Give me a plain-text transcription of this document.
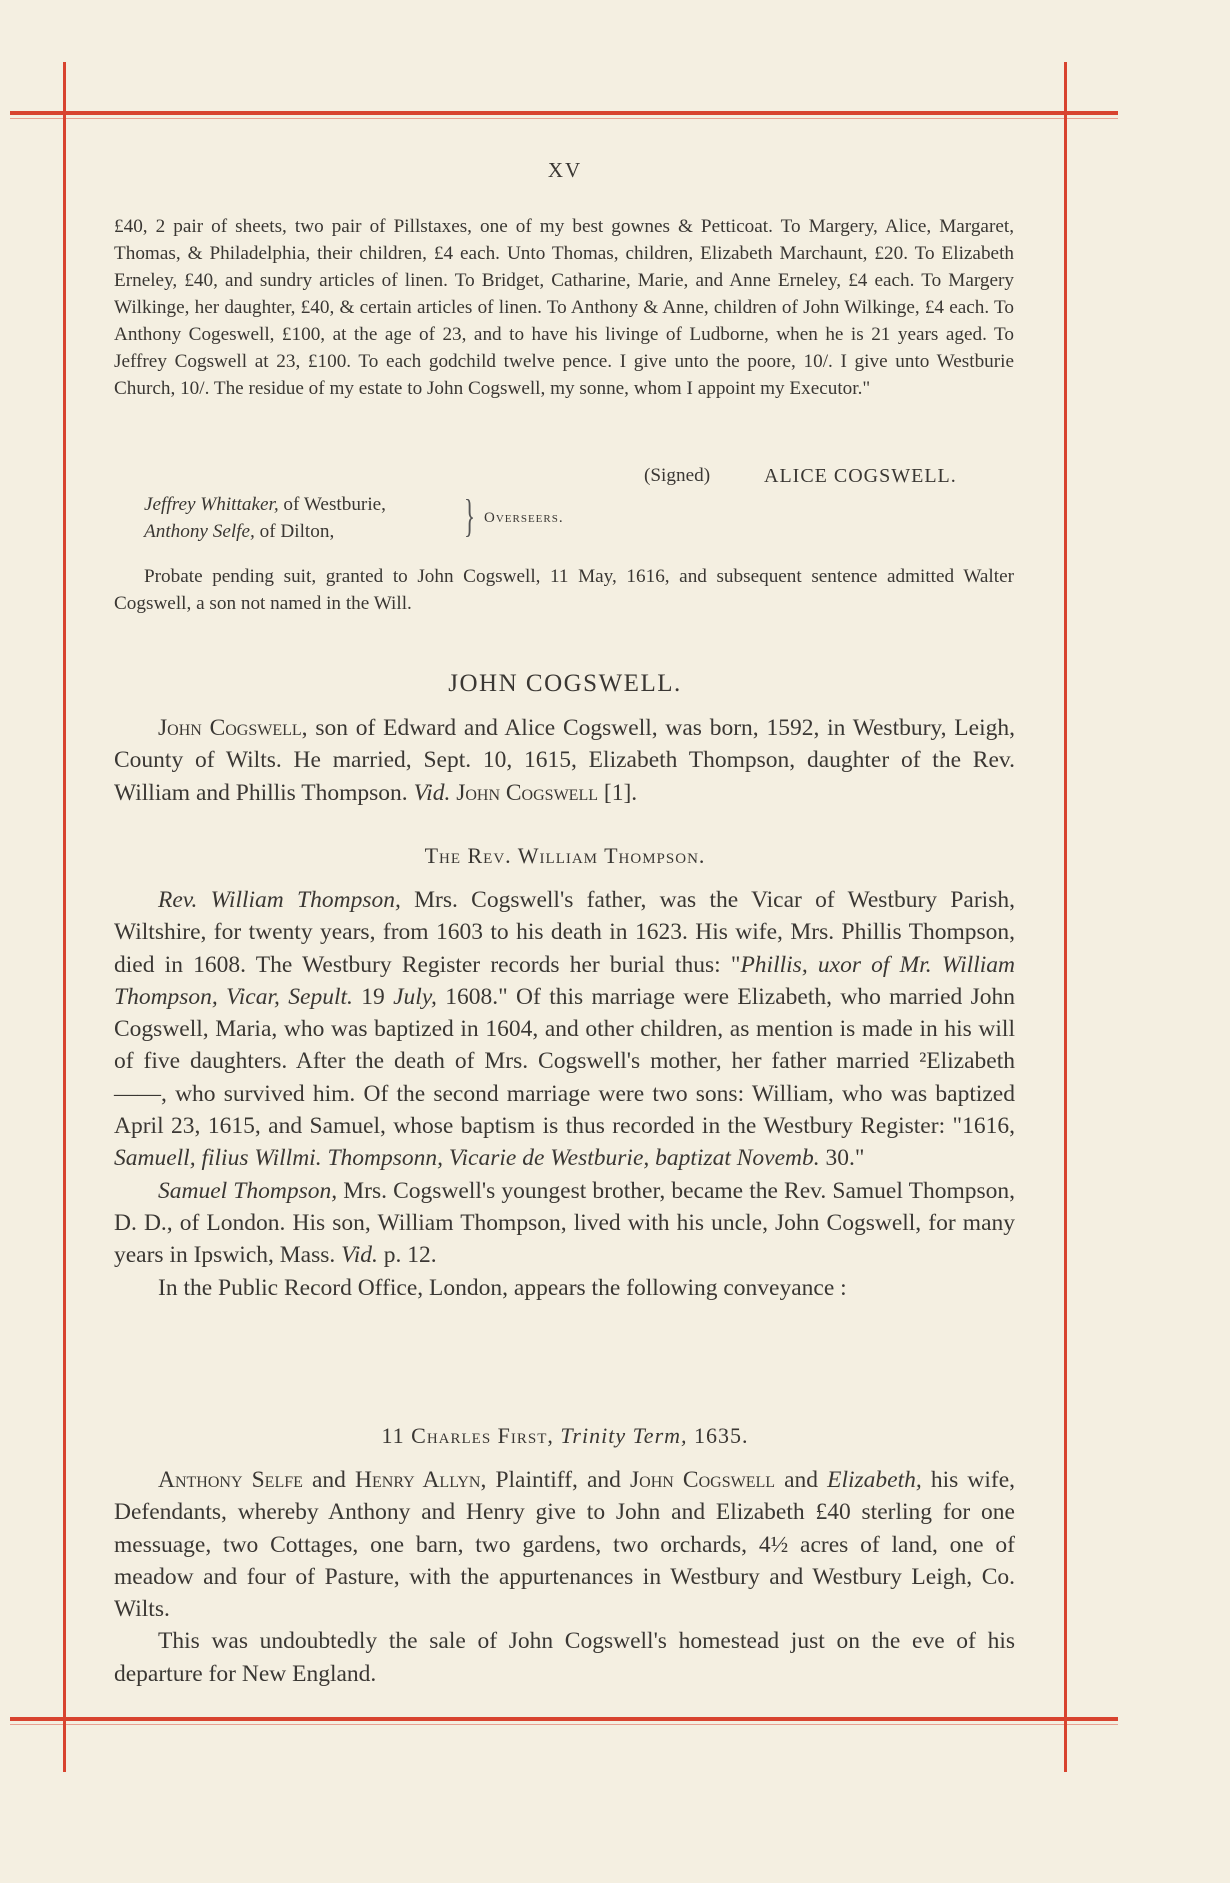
XV

£40, 2 pair of sheets, two pair of Pillstaxes, one of my best gownes & Petticoat. To Margery, Alice, Margaret, Thomas, & Philadelphia, their children, £4 each. Unto Thomas, children, Elizabeth Marchaunt, £20. To Elizabeth Erneley, £40, and sundry articles of linen. To Bridget, Catharine, Marie, and Anne Erneley, £4 each. To Margery Wilkinge, her daughter, £40, & certain articles of linen. To Anthony & Anne, children of John Wilkinge, £4 each. To Anthony Cogeswell, £100, at the age of 23, and to have his livinge of Ludborne, when he is 21 years aged. To Jeffrey Cogswell at 23, £100. To each godchild twelve pence. I give unto the poore, 10/. I give unto Westburie Church, 10/. The residue of my estate to John Cogswell, my sonne, whom I appoint my Executor."

(Signed)	ALICE COGSWELL.
Jeffrey Whittaker, of Westburie,
Anthony Selfe, of Dilton,	} Overseers.

Probate pending suit, granted to John Cogswell, 11 May, 1616, and subsequent sentence admitted Walter Cogswell, a son not named in the Will.

JOHN COGSWELL.

John Cogswell, son of Edward and Alice Cogswell, was born, 1592, in Westbury, Leigh, County of Wilts. He married, Sept. 10, 1615, Elizabeth Thompson, daughter of the Rev. William and Phillis Thompson. Vid. John Cogswell [1].

The Rev. William Thompson.

Rev. William Thompson, Mrs. Cogswell's father, was the Vicar of Westbury Parish, Wiltshire, for twenty years, from 1603 to his death in 1623. His wife, Mrs. Phillis Thompson, died in 1608. The Westbury Register records her burial thus: "Phillis, uxor of Mr. William Thompson, Vicar, Sepult. 19 July, 1608." Of this marriage were Elizabeth, who married John Cogswell, Maria, who was baptized in 1604, and other children, as mention is made in his will of five daughters. After the death of Mrs. Cogswell's mother, her father married ²Elizabeth ——, who survived him. Of the second marriage were two sons: William, who was baptized April 23, 1615, and Samuel, whose baptism is thus recorded in the Westbury Register: "1616, Samuell, filius Willmi. Thompsonn, Vicarie de Westburie, baptizat Novemb. 30."

Samuel Thompson, Mrs. Cogswell's youngest brother, became the Rev. Samuel Thompson, D. D., of London. His son, William Thompson, lived with his uncle, John Cogswell, for many years in Ipswich, Mass. Vid. p. 12.

In the Public Record Office, London, appears the following conveyance :

11 Charles First, Trinity Term, 1635.

Anthony Selfe and Henry Allyn, Plaintiff, and John Cogswell and Elizabeth, his wife, Defendants, whereby Anthony and Henry give to John and Elizabeth £40 sterling for one messuage, two Cottages, one barn, two gardens, two orchards, 4½ acres of land, one of meadow and four of Pasture, with the appurtenances in Westbury and Westbury Leigh, Co. Wilts.

This was undoubtedly the sale of John Cogswell's homestead just on the eve of his departure for New England.
